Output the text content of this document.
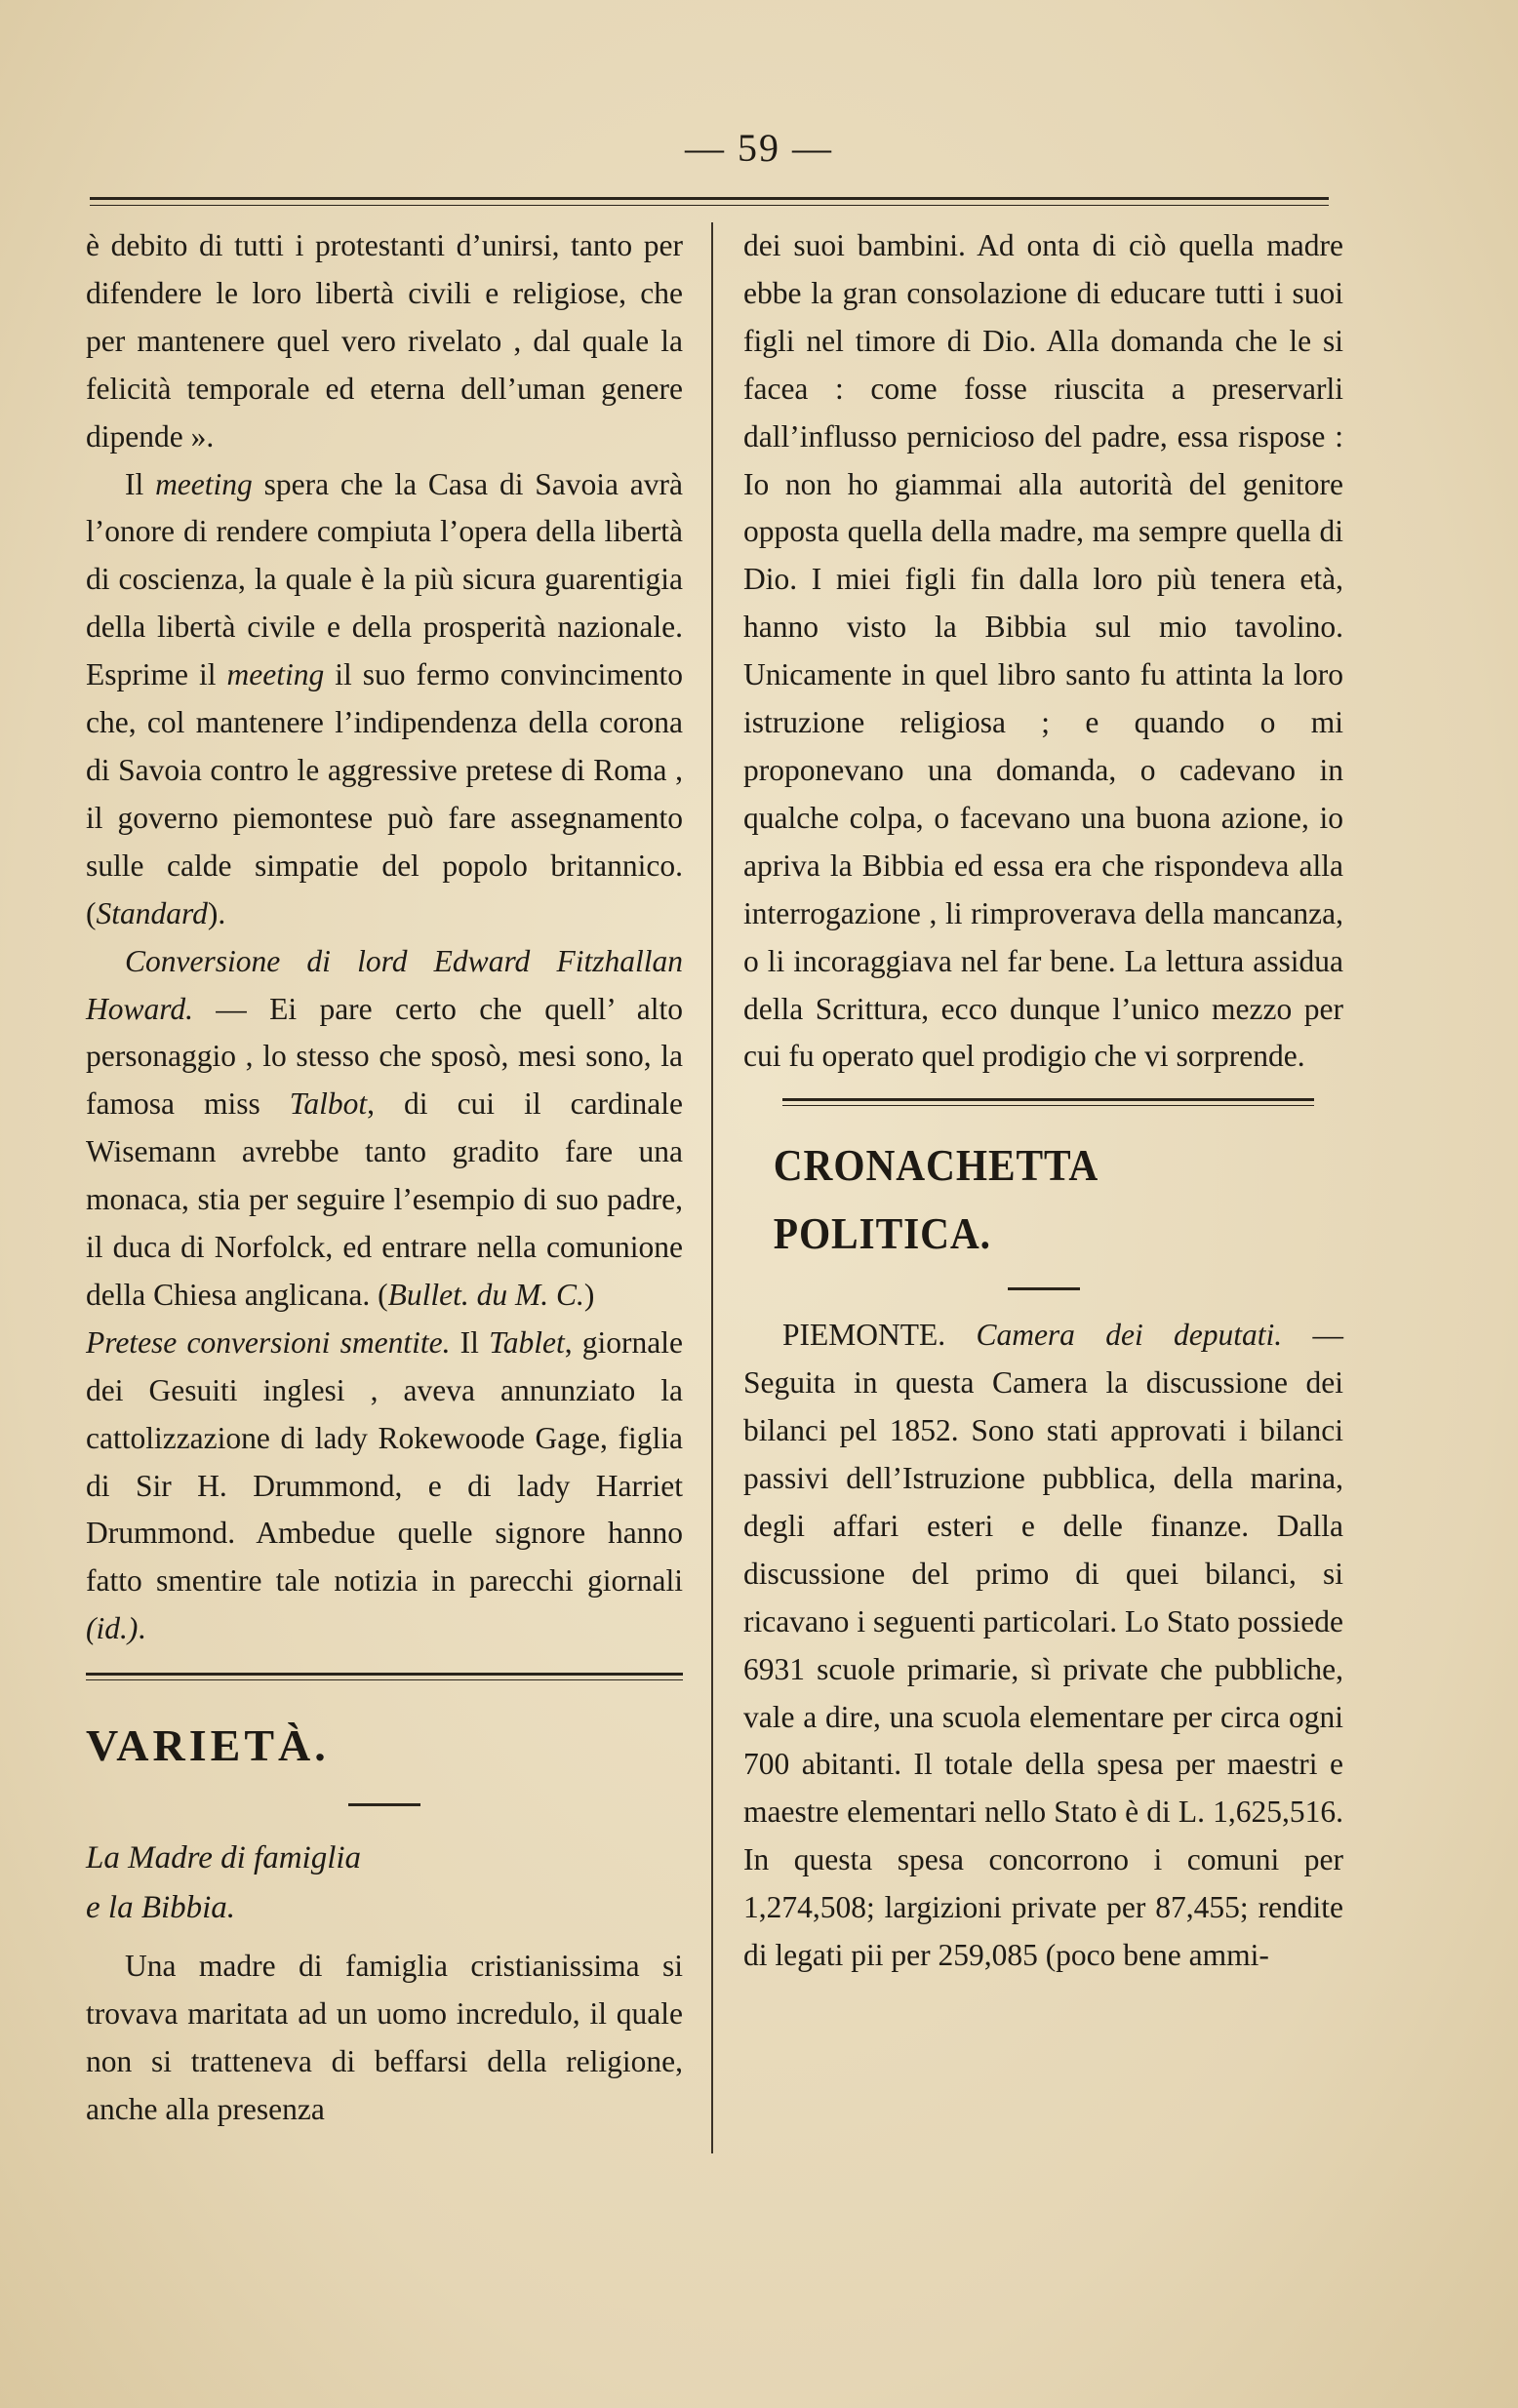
— 59 —

è debito di tutti i protestanti d’unirsi, tanto per difendere le loro libertà civili e religiose, che per mantenere quel vero rivelato , dal quale la felicità temporale ed eterna dell’uman genere dipende ».

Il meeting spera che la Casa di Savoia avrà l’onore di rendere compiuta l’opera della libertà di coscienza, la quale è la più sicura guarentigia della libertà civile e della prosperità nazionale. Esprime il meeting il suo fermo convincimento che, col mantenere l’indipendenza della corona di Savoia contro le aggressive pretese di Roma , il governo piemontese può fare assegnamento sulle calde simpatie del popolo britannico. (Standard).

Conversione di lord Edward Fitzhallan Howard. — Ei pare certo che quell’ alto personaggio , lo stesso che sposò, mesi sono, la famosa miss Talbot, di cui il cardinale Wisemann avrebbe tanto gradito fare una monaca, stia per seguire l’esempio di suo padre, il duca di Norfolck, ed entrare nella comunione della Chiesa anglicana. (Bullet. du M. C.)

Pretese conversioni smentite. Il Tablet, giornale dei Gesuiti inglesi , aveva annunziato la cattolizzazione di lady Rokewoode Gage, figlia di Sir H. Drummond, e di lady Harriet Drummond. Ambedue quelle signore hanno fatto smentire tale notizia in parecchi giornali (id.).

VARIETÀ.

La Madre di famiglia

e la Bibbia.

Una madre di famiglia cristianissima si trovava maritata ad un uomo incredulo, il quale non si tratteneva di beffarsi della religione, anche alla presenza

dei suoi bambini. Ad onta di ciò quella madre ebbe la gran consolazione di educare tutti i suoi figli nel timore di Dio. Alla domanda che le si facea : come fosse riuscita a preservarli dall’influsso pernicioso del padre, essa rispose : Io non ho giammai alla autorità del genitore opposta quella della madre, ma sempre quella di Dio. I miei figli fin dalla loro più tenera età, hanno visto la Bibbia sul mio tavolino. Unicamente in quel libro santo fu attinta la loro istruzione religiosa ; e quando o mi proponevano una domanda, o cadevano in qualche colpa, o facevano una buona azione, io apriva la Bibbia ed essa era che rispondeva alla interrogazione , li rimproverava della mancanza, o li incoraggiava nel far bene. La lettura assidua della Scrittura, ecco dunque l’unico mezzo per cui fu operato quel prodigio che vi sorprende.

CRONACHETTA POLITICA.

PIEMONTE. Camera dei deputati. — Seguita in questa Camera la discussione dei bilanci pel 1852. Sono stati approvati i bilanci passivi dell’Istruzione pubblica, della marina, degli affari esteri e delle finanze. Dalla discussione del primo di quei bilanci, si ricavano i seguenti particolari. Lo Stato possiede 6931 scuole primarie, sì private che pubbliche, vale a dire, una scuola elementare per circa ogni 700 abitanti. Il totale della spesa per maestri e maestre elementari nello Stato è di L. 1,625,516. In questa spesa concorrono i comuni per 1,274,508; largizioni private per 87,455; rendite di legati pii per 259,085 (poco bene ammi-
